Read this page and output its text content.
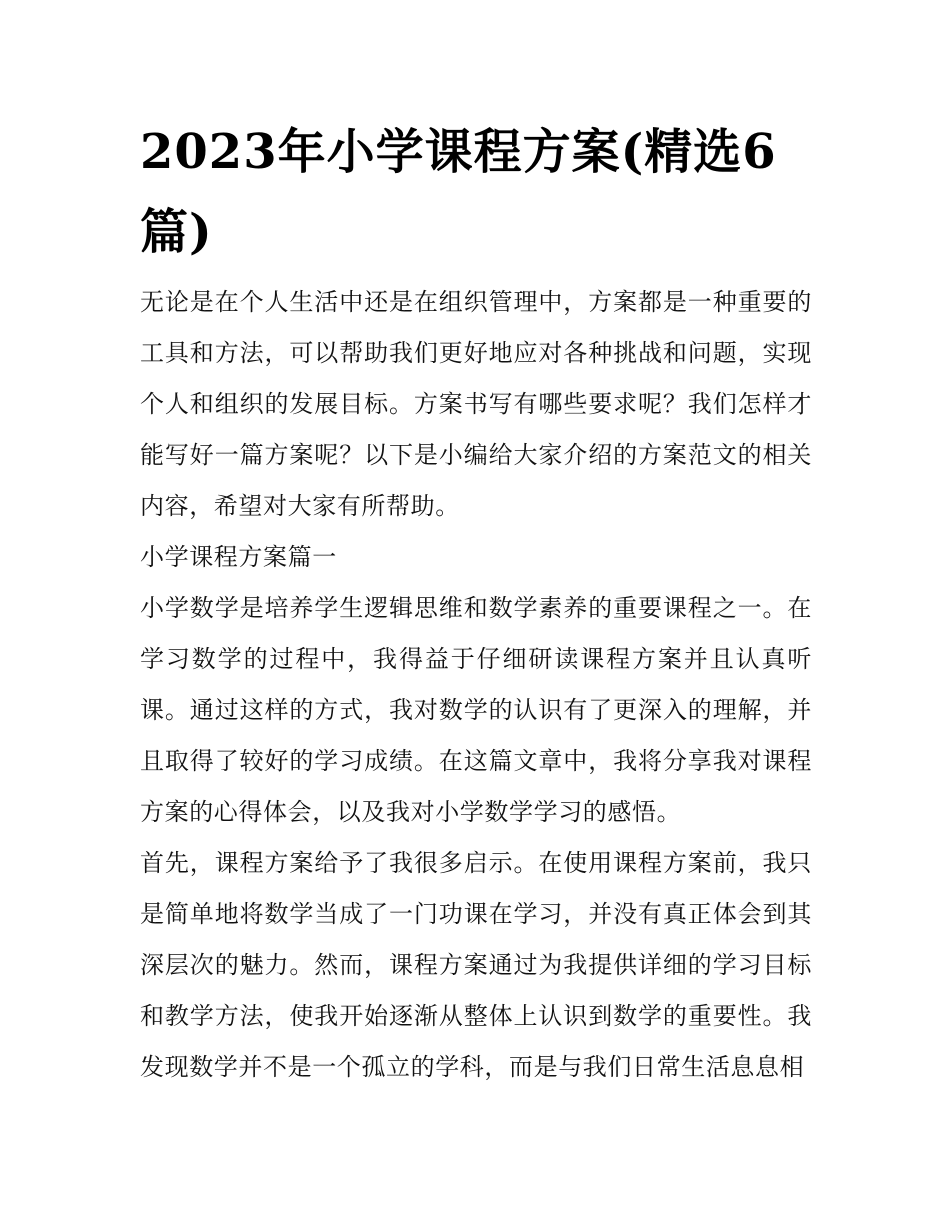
2023年小学课程方案(精选6篇)

无论是在个人生活中还是在组织管理中，方案都是一种重要的工具和方法，可以帮助我们更好地应对各种挑战和问题，实现个人和组织的发展目标。方案书写有哪些要求呢？我们怎样才能写好一篇方案呢？以下是小编给大家介绍的方案范文的相关内容，希望对大家有所帮助。

小学课程方案篇一

小学数学是培养学生逻辑思维和数学素养的重要课程之一。在学习数学的过程中，我得益于仔细研读课程方案并且认真听课。通过这样的方式，我对数学的认识有了更深入的理解，并且取得了较好的学习成绩。在这篇文章中，我将分享我对课程方案的心得体会，以及我对小学数学学习的感悟。

首先，课程方案给予了我很多启示。在使用课程方案前，我只是简单地将数学当成了一门功课在学习，并没有真正体会到其深层次的魅力。然而，课程方案通过为我提供详细的学习目标和教学方法，使我开始逐渐从整体上认识到数学的重要性。我发现数学并不是一个孤立的学科，而是与我们日常生活息息相
